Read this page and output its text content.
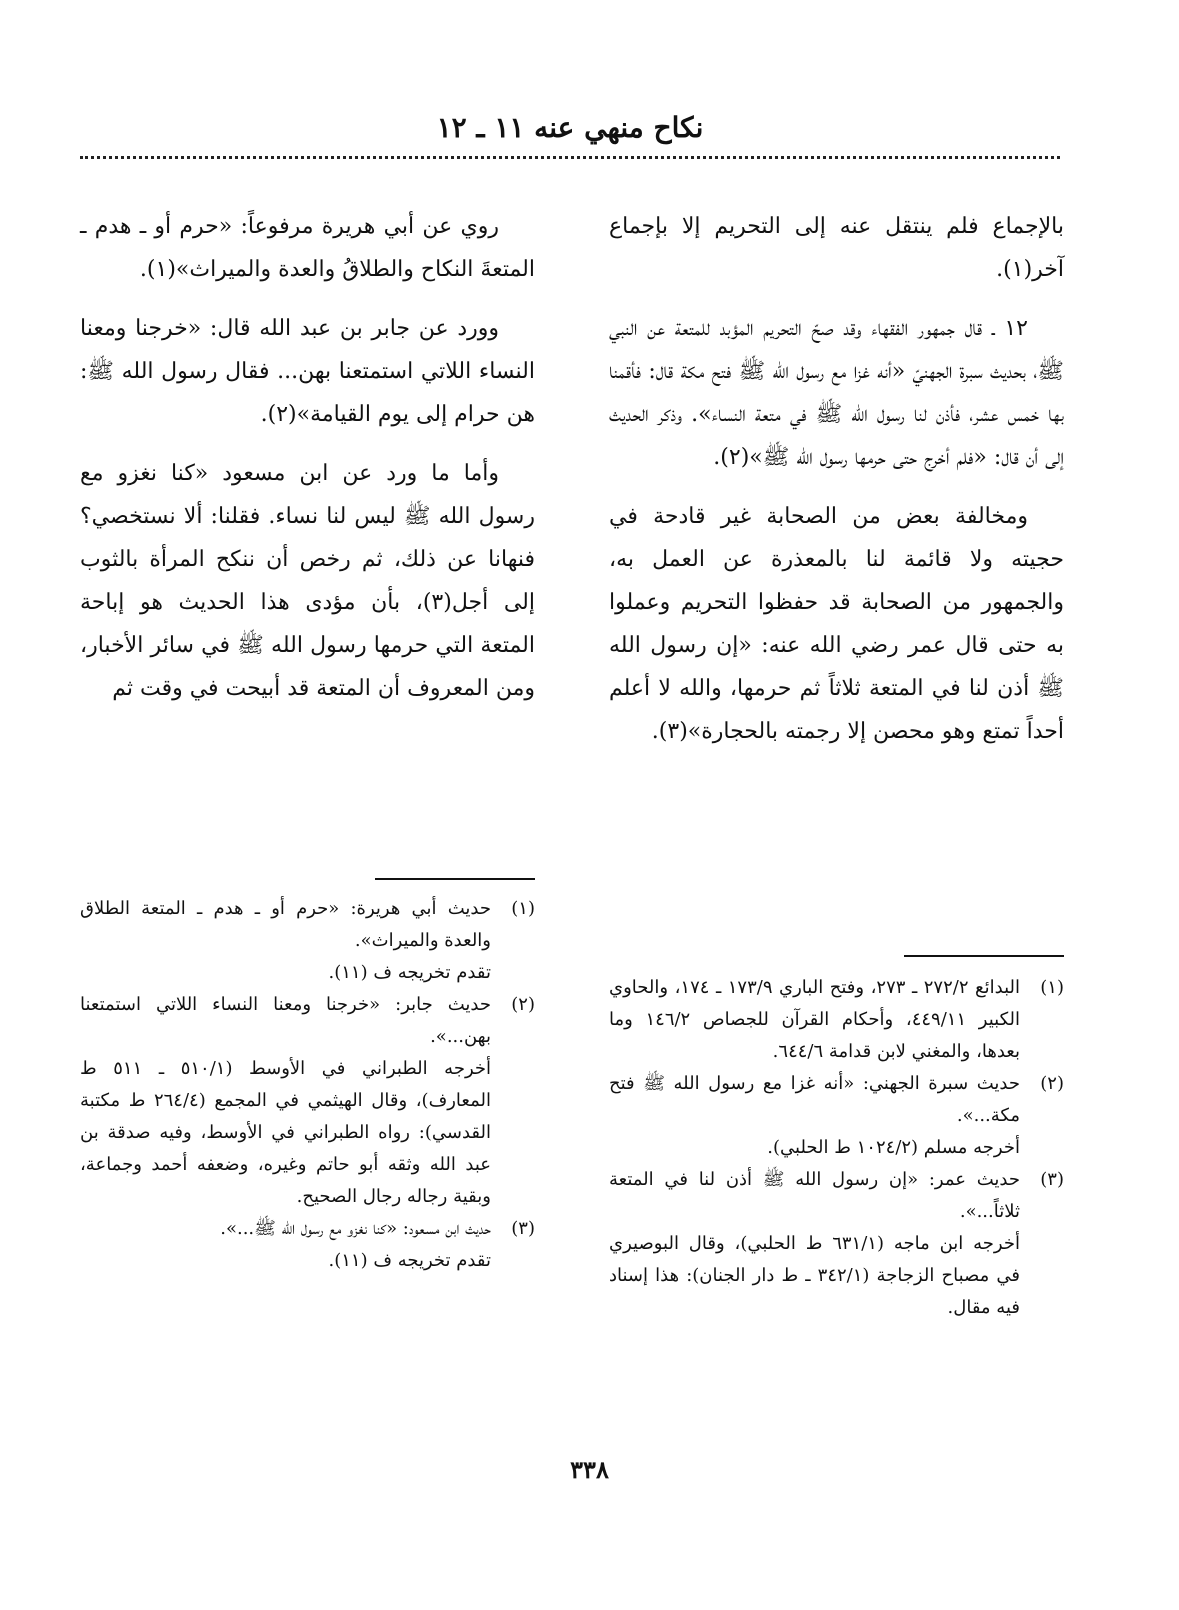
نكاح منهي عنه ١١ ـ ١٢

بالإجماع فلم ينتقل عنه إلى التحريم إلا بإجماع آخر(١).

١٢ ـ قال جمهور الفقهاء وقد صحّ التحريم المؤبد للمتعة عن النبي ﷺ، بحديث سبرة الجهنيّ «أنه غزا مع رسول الله ﷺ فتح مكة قال: فأقمنا بها خمس عشر، فأذن لنا رسول الله ﷺ في متعة النساء». وذكر الحديث إلى أن قال: «فلم أخرج حتى حرمها رسول الله ﷺ»(٢).

ومخالفة بعض من الصحابة غير قادحة في حجيته ولا قائمة لنا بالمعذرة عن العمل به، والجمهور من الصحابة قد حفظوا التحريم وعملوا به حتى قال عمر رضي الله عنه: «إن رسول الله ﷺ أذن لنا في المتعة ثلاثاً ثم حرمها، والله لا أعلم أحداً تمتع وهو محصن إلا رجمته بالحجارة»(٣).

(١)
البدائع ٢٧٢/٢ ـ ٢٧٣، وفتح الباري ١٧٣/٩ ـ ١٧٤، والحاوي الكبير ٤٤٩/١١، وأحكام القرآن للجصاص ١٤٦/٢ وما بعدها، والمغني لابن قدامة ٦٤٤/٦.
(٢)
حديث سبرة الجهني: «أنه غزا مع رسول الله ﷺ فتح مكة...».
أخرجه مسلم (١٠٢٤/٢ ط الحلبي).
(٣)
حديث عمر: «إن رسول الله ﷺ أذن لنا في المتعة ثلاثاً...».
أخرجه ابن ماجه (٦٣١/١ ط الحلبي)، وقال البوصيري في مصباح الزجاجة (٣٤٢/١ ـ ط دار الجنان): هذا إسناد فيه مقال.

روي عن أبي هريرة مرفوعاً: «حرم أو ـ هدم ـ المتعةَ النكاح والطلاقُ والعدة والميراث»(١).

وورد عن جابر بن عبد الله قال: «خرجنا ومعنا النساء اللاتي استمتعنا بهن... فقال رسول الله ﷺ: هن حرام إلى يوم القيامة»(٢).

وأما ما ورد عن ابن مسعود «كنا نغزو مع رسول الله ﷺ ليس لنا نساء. فقلنا: ألا نستخصي؟ فنهانا عن ذلك، ثم رخص أن ننكح المرأة بالثوب إلى أجل(٣)، بأن مؤدى هذا الحديث هو إباحة المتعة التي حرمها رسول الله ﷺ في سائر الأخبار، ومن المعروف أن المتعة قد أبيحت في وقت ثم

(١)
حديث أبي هريرة: «حرم أو ـ هدم ـ المتعة الطلاق والعدة والميراث».
تقدم تخريجه ف (١١).
(٢)
حديث جابر: «خرجنا ومعنا النساء اللاتي استمتعنا بهن...».
أخرجه الطبراني في الأوسط (٥١٠/١ ـ ٥١١ ط المعارف)، وقال الهيثمي في المجمع (٢٦٤/٤ ط مكتبة القدسي): رواه الطبراني في الأوسط، وفيه صدقة بن عبد الله وثقه أبو حاتم وغيره، وضعفه أحمد وجماعة، وبقية رجاله رجال الصحيح.
(٣)
حديث ابن مسعود: «كنا نغزو مع رسول الله ﷺ...».
تقدم تخريجه ف (١١).
٣٣٨
